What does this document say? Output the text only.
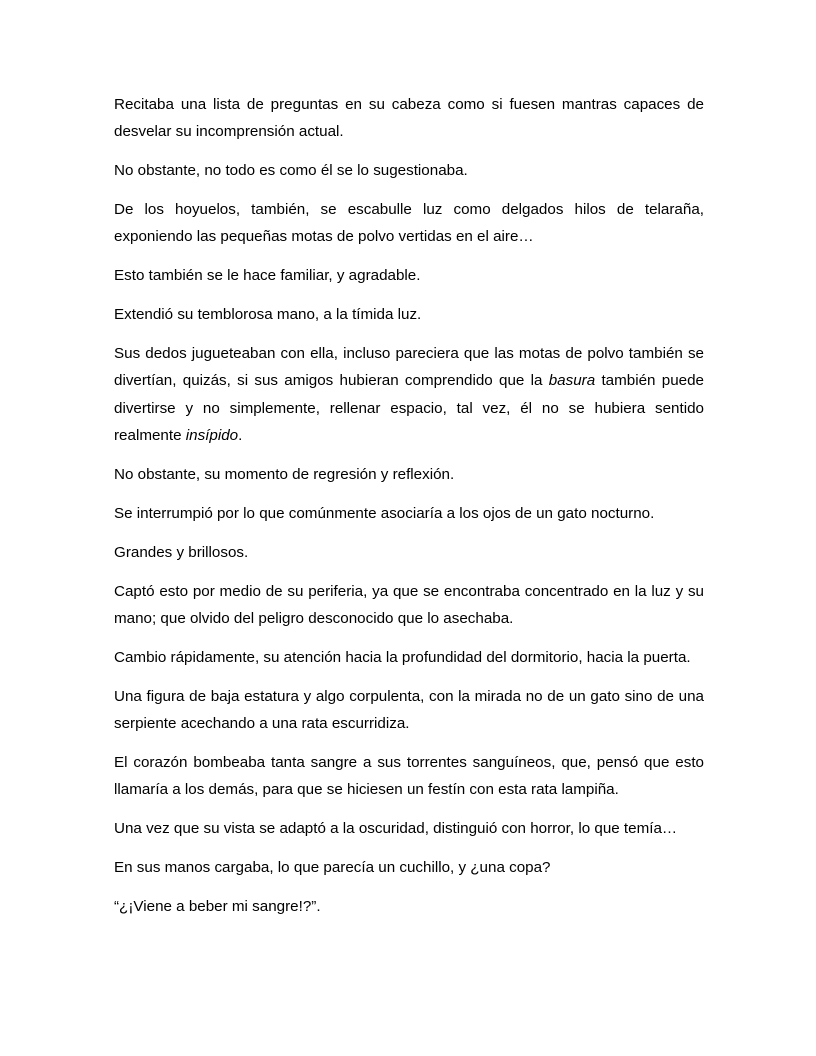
Recitaba una lista de preguntas en su cabeza como si fuesen mantras capaces de desvelar su incomprensión actual.

No obstante, no todo es como él se lo sugestionaba.

De los hoyuelos, también, se escabulle luz como delgados hilos de telaraña, exponiendo las pequeñas motas de polvo vertidas en el aire…

Esto también se le hace familiar, y agradable.

Extendió su temblorosa mano, a la tímida luz.

Sus dedos jugueteaban con ella, incluso pareciera que las motas de polvo también se divertían, quizás, si sus amigos hubieran comprendido que la basura también puede divertirse y no simplemente, rellenar espacio, tal vez, él no se hubiera sentido realmente insípido.

No obstante, su momento de regresión y reflexión.

Se interrumpió por lo que comúnmente asociaría a los ojos de un gato nocturno.

Grandes y brillosos.

Captó esto por medio de su periferia, ya que se encontraba concentrado en la luz y su mano; que olvido del peligro desconocido que lo asechaba.

Cambio rápidamente, su atención hacia la profundidad del dormitorio, hacia la puerta.

Una figura de baja estatura y algo corpulenta, con la mirada no de un gato sino de una serpiente acechando a una rata escurridiza.

El corazón bombeaba tanta sangre a sus torrentes sanguíneos, que, pensó que esto llamaría a los demás, para que se hiciesen un festín con esta rata lampiña.

Una vez que su vista se adaptó a la oscuridad, distinguió con horror, lo que temía…

En sus manos cargaba, lo que parecía un cuchillo, y ¿una copa?

“¿¡Viene a beber mi sangre!?”.
